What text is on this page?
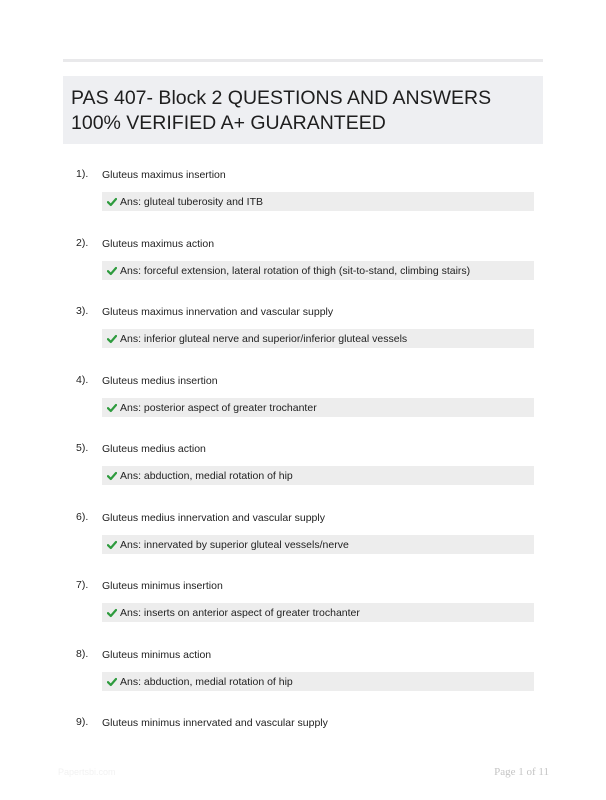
PAS 407- Block 2 QUESTIONS AND ANSWERS
100% VERIFIED A+ GUARANTEED
1). Gluteus maximus insertion
Ans: gluteal tuberosity and ITB
2). Gluteus maximus action
Ans: forceful extension, lateral rotation of thigh (sit-to-stand, climbing stairs)
3). Gluteus maximus innervation and vascular supply
Ans: inferior gluteal nerve and superior/inferior gluteal vessels
4). Gluteus medius insertion
Ans: posterior aspect of greater trochanter
5). Gluteus medius action
Ans: abduction, medial rotation of hip
6). Gluteus medius innervation and vascular supply
Ans: innervated by superior gluteal vessels/nerve
7). Gluteus minimus insertion
Ans: inserts on anterior aspect of greater trochanter
8). Gluteus minimus action
Ans: abduction, medial rotation of hip
9). Gluteus minimus innervated and vascular supply
Papertsbi.com	Page 1 of 11
